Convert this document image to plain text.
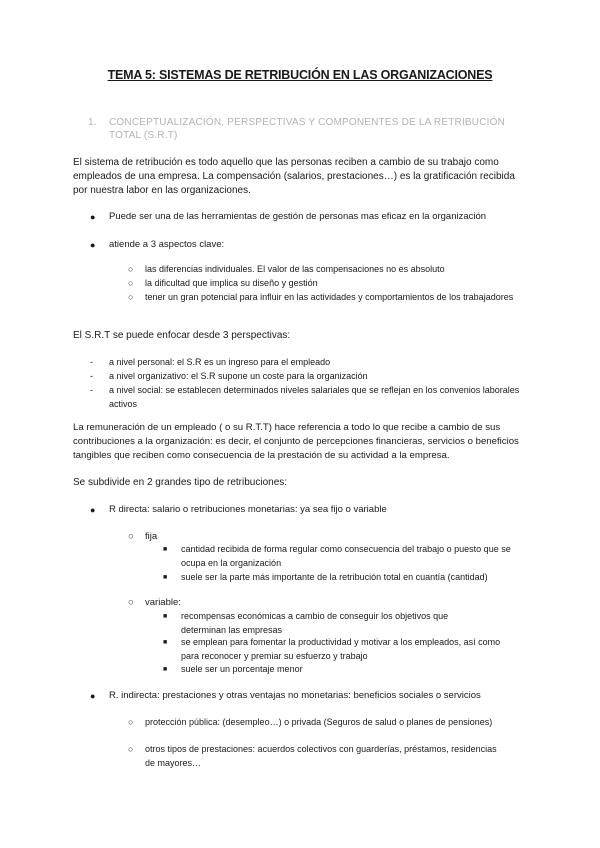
TEMA 5: SISTEMAS DE RETRIBUCIÓN EN LAS ORGANIZACIONES
1.	CONCEPTUALIZACIÓN, PERSPECTIVAS Y COMPONENTES DE LA RETRIBUCIÓN TOTAL (S.R.T)
El sistema de retribución es todo aquello que las personas reciben a cambio de su trabajo como empleados de una empresa. La compensación (salarios, prestaciones…) es la gratificación recibida por nuestra labor en las organizaciones.
●	Puede ser una de las herramientas de gestión de personas mas eficaz en la organización
●	atiende a 3 aspectos clave:
○	las diferencias individuales. El valor de las compensaciones no es absoluto
○	la dificultad que implica su diseño y gestión
○	tener un gran potencial para influir en las actividades y comportamientos de los trabajadores
El S.R.T se puede enfocar desde 3 perspectivas:
-	a nivel personal: el S.R es un ingreso para el empleado
-	a nivel organizativo: el S.R supone un coste para la organización
-	a nivel social: se establecen determinados niveles salariales que se reflejan en los convenios laborales activos
La remuneración de un empleado ( o su R.T.T) hace referencia a todo lo que recibe a cambio de sus contribuciones a la organización: es decir, el conjunto de percepciones financieras, servicios o beneficios tangibles que reciben como consecuencia de la prestación de su actividad a la empresa.
Se subdivide en 2 grandes tipo de retribuciones:
●	R directa: salario o retribuciones monetarias: ya sea fijo o variable
○	fija
■	cantidad recibida de forma regular como consecuencia del trabajo o puesto que se ocupa en la organización
■	suele ser la parte más importante de la retribución total en cuantía (cantidad)
○	variable:
■	recompensas económicas a cambio de conseguir los objetivos que determinan las empresas
■	se emplean para fomentar la productividad y motivar a los empleados, así como para reconocer y premiar su esfuerzo y trabajo
■	suele ser un porcentaje menor
●	R. indirecta: prestaciones y otras ventajas no monetarias: beneficios sociales o servicios
○	protección pública: (desempleo…) o privada (Seguros de salud o planes de pensiones)
○	otros tipos de prestaciones: acuerdos colectivos con guarderías, préstamos, residencias de mayores…
